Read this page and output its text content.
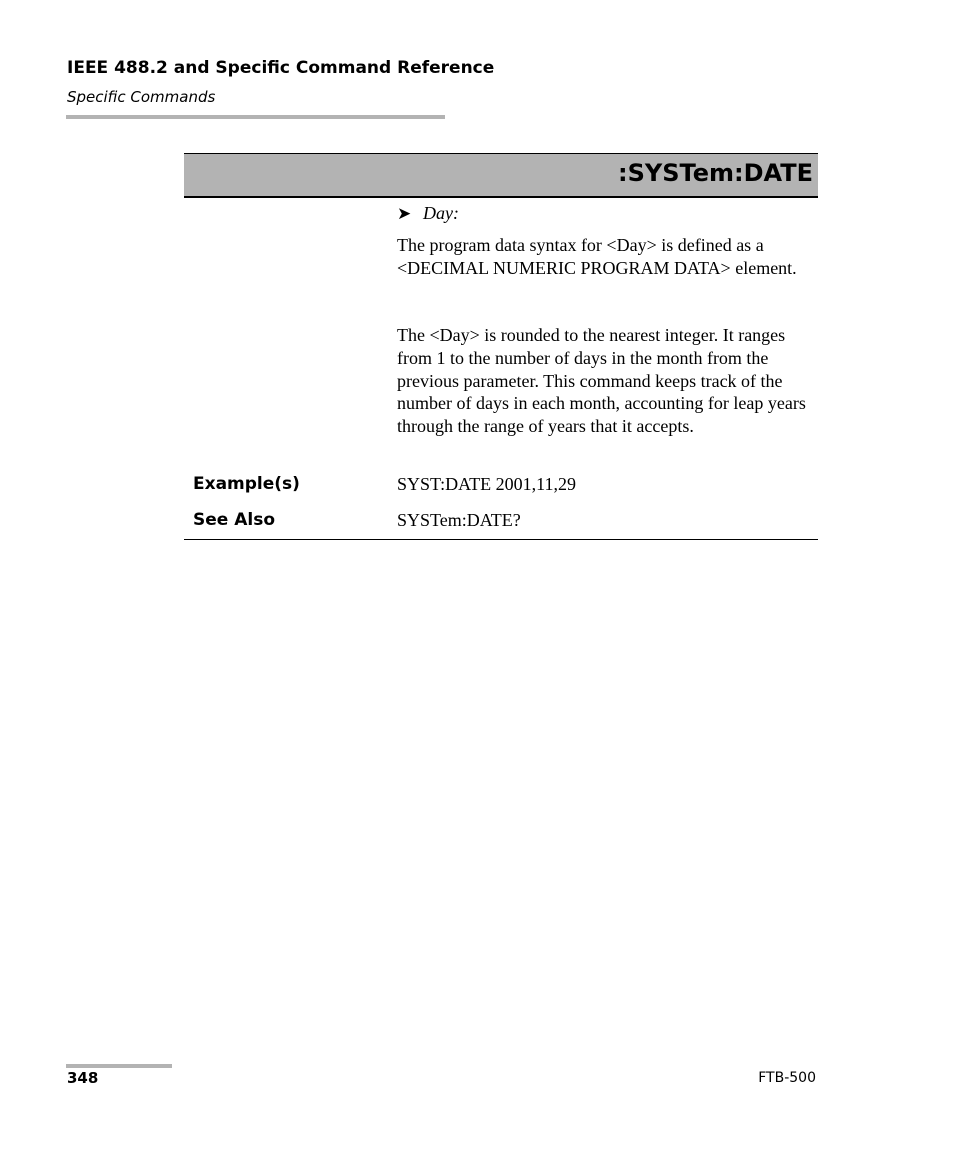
IEEE 488.2 and Specific Command Reference
Specific Commands
:SYSTem:DATE
➤ Day:
The program data syntax for <Day> is defined as a <DECIMAL NUMERIC PROGRAM DATA> element.
The <Day> is rounded to the nearest integer. It ranges from 1 to the number of days in the month from the previous parameter. This command keeps track of the number of days in each month, accounting for leap years through the range of years that it accepts.
Example(s)	SYST:DATE 2001,11,29
See Also	SYSTem:DATE?
348	FTB-500
